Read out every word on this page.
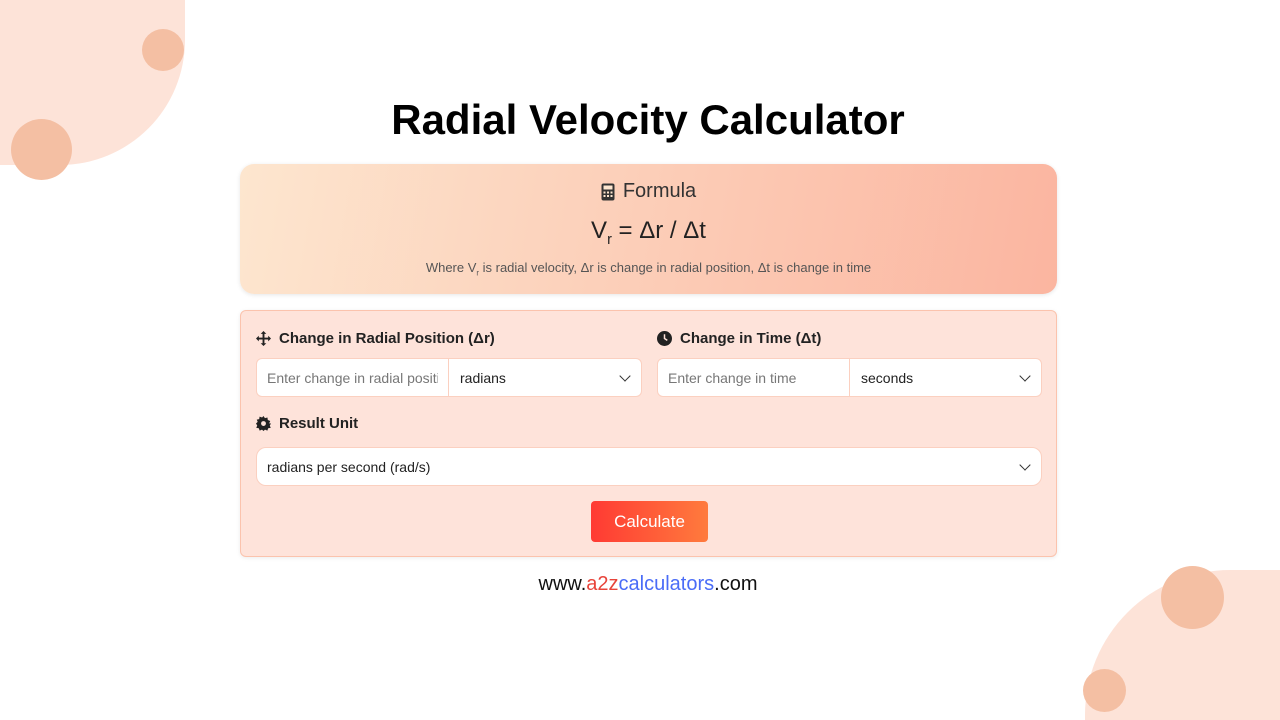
Radial Velocity Calculator
Formula
$V_r = \Delta r / \Delta t$
Where $V_r$ is radial velocity, Δr is change in radial position, Δt is change in time
Change in Radial Position (Δr)
Enter change in radial position
radians
Change in Time (Δt)
Enter change in time
seconds
Result Unit
radians per second (rad/s)
Calculate
www.a2zcalculators.com
